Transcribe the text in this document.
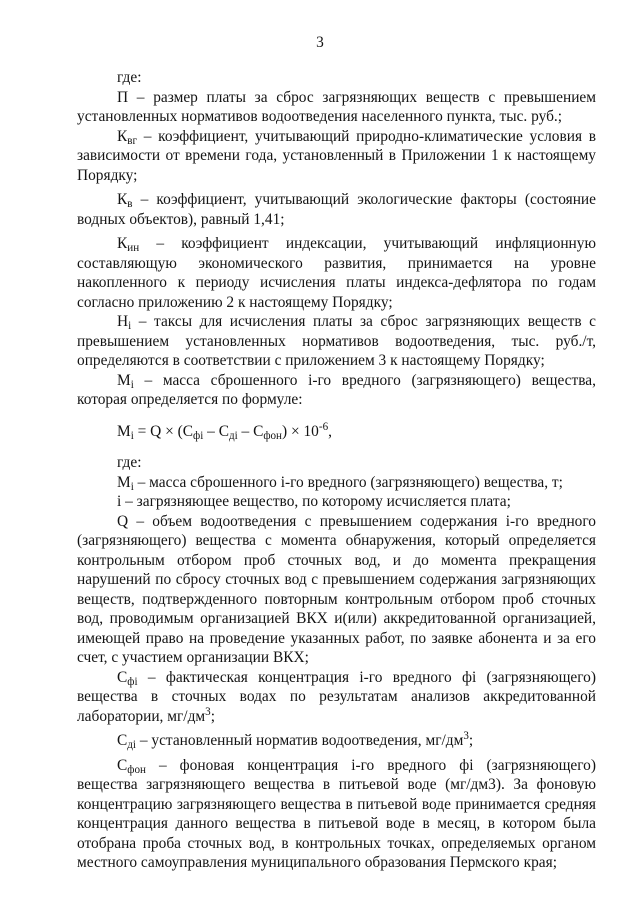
3

где:

П – размер платы за сброс загрязняющих веществ с превышением установленных нормативов водоотведения населенного пункта, тыс. руб.;

$К_{вг}$ – коэффициент, учитывающий природно-климатические условия в зависимости от времени года, установленный в Приложении 1 к настоящему Порядку;

$К_в$ – коэффициент, учитывающий экологические факторы (состояние водных объектов), равный 1,41;

$К_{ин}$ – коэффициент индексации, учитывающий инфляционную составляющую экономического развития, принимается на уровне накопленного к периоду исчисления платы индекса-дефлятора по годам согласно приложению 2 к настоящему Порядку;

$Н_i$ – таксы для исчисления платы за сброс загрязняющих веществ с превышением установленных нормативов водоотведения, тыс. руб./т, определяются в соответствии с приложением 3 к настоящему Порядку;

$М_i$ – масса сброшенного i-го вредного (загрязняющего) вещества, которая определяется по формуле:

$М_i = Q \times (C_{фi} - C_{дi} - C_{фон}) \times 10^{-6}$,

где:

$М_i$ – масса сброшенного i-го вредного (загрязняющего) вещества, т;

i – загрязняющее вещество, по которому исчисляется плата;

Q – объем водоотведения с превышением содержания i-го вредного (загрязняющего) вещества с момента обнаружения, который определяется контрольным отбором проб сточных вод, и до момента прекращения нарушений по сбросу сточных вод с превышением содержания загрязняющих веществ, подтвержденного повторным контрольным отбором проб сточных вод, проводимым организацией ВКХ и(или) аккредитованной организацией, имеющей право на проведение указанных работ, по заявке абонента и за его счет, с участием организации ВКХ;

$С_{фi}$ – фактическая концентрация i-го вредного фi (загрязняющего) вещества в сточных водах по результатам анализов аккредитованной лаборатории, $мг/дм^3$;

$С_{дi}$ – установленный норматив водоотведения, $мг/дм^3$;

$С_{фон}$ – фоновая концентрация i-го вредного фi (загрязняющего) вещества загрязняющего вещества в питьевой воде (мг/дм3). За фоновую концентрацию загрязняющего вещества в питьевой воде принимается средняя концентрация данного вещества в питьевой воде в месяц, в котором была отобрана проба сточных вод, в контрольных точках, определяемых органом местного самоуправления муниципального образования Пермского края;
